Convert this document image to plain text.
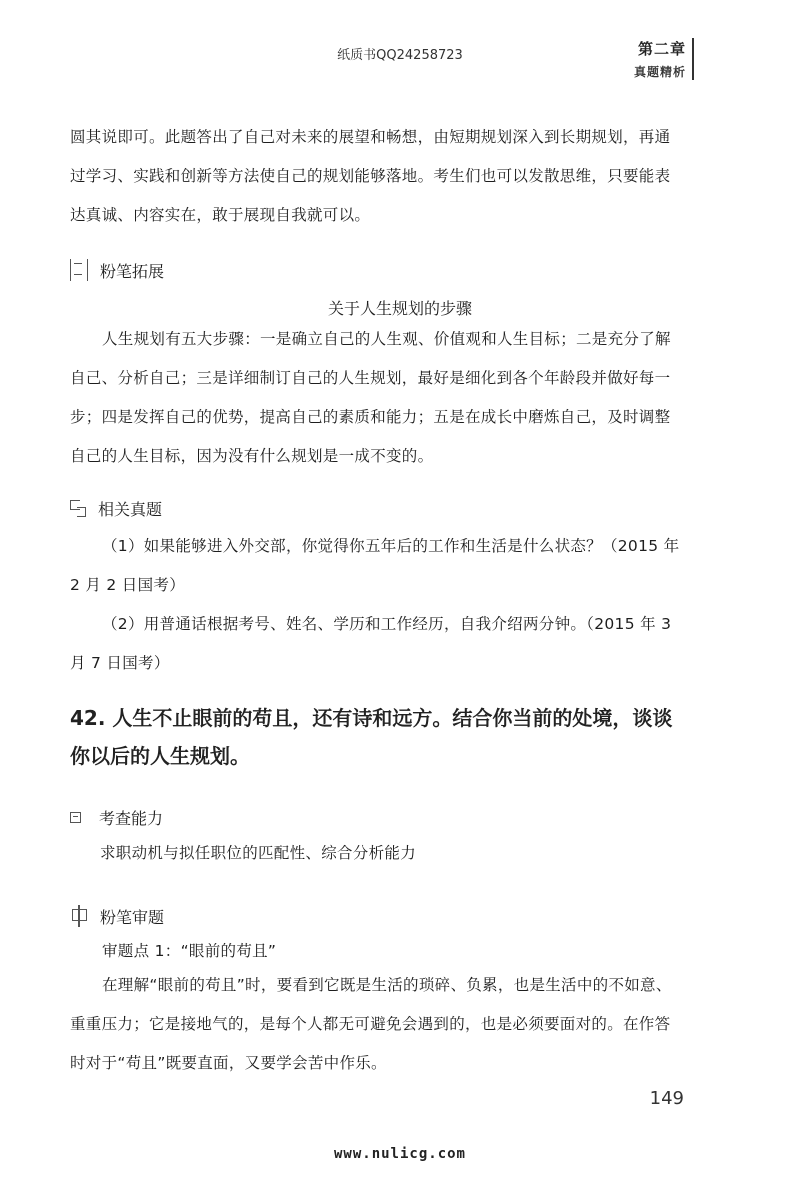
纸质书QQ24258723	第二章
真题精析

圆其说即可。此题答出了自己对未来的展望和畅想，由短期规划深入到长期规划，再通过学习、实践和创新等方法使自己的规划能够落地。考生们也可以发散思维，只要能表达真诚、内容实在，敢于展现自我就可以。

粉笔拓展
关于人生规划的步骤

人生规划有五大步骤：一是确立自己的人生观、价值观和人生目标；二是充分了解自己、分析自己；三是详细制订自己的人生规划，最好是细化到各个年龄段并做好每一步；四是发挥自己的优势，提高自己的素质和能力；五是在成长中磨炼自己，及时调整自己的人生目标，因为没有什么规划是一成不变的。

相关真题

（1）如果能够进入外交部，你觉得你五年后的工作和生活是什么状态？（2015 年 2 月 2 日国考）

（2）用普通话根据考号、姓名、学历和工作经历，自我介绍两分钟。（2015 年 3 月 7 日国考）

42. 人生不止眼前的苟且，还有诗和远方。结合你当前的处境，谈谈你以后的人生规划。
考查能力
求职动机与拟任职位的匹配性、综合分析能力
粉笔审题
审题点 1：“眼前的苟且”

在理解“眼前的苟且”时，要看到它既是生活的琐碎、负累，也是生活中的不如意、重重压力；它是接地气的，是每个人都无可避免会遇到的，也是必须要面对的。在作答时对于“苟且”既要直面，又要学会苦中作乐。

149
www.nulicg.com
